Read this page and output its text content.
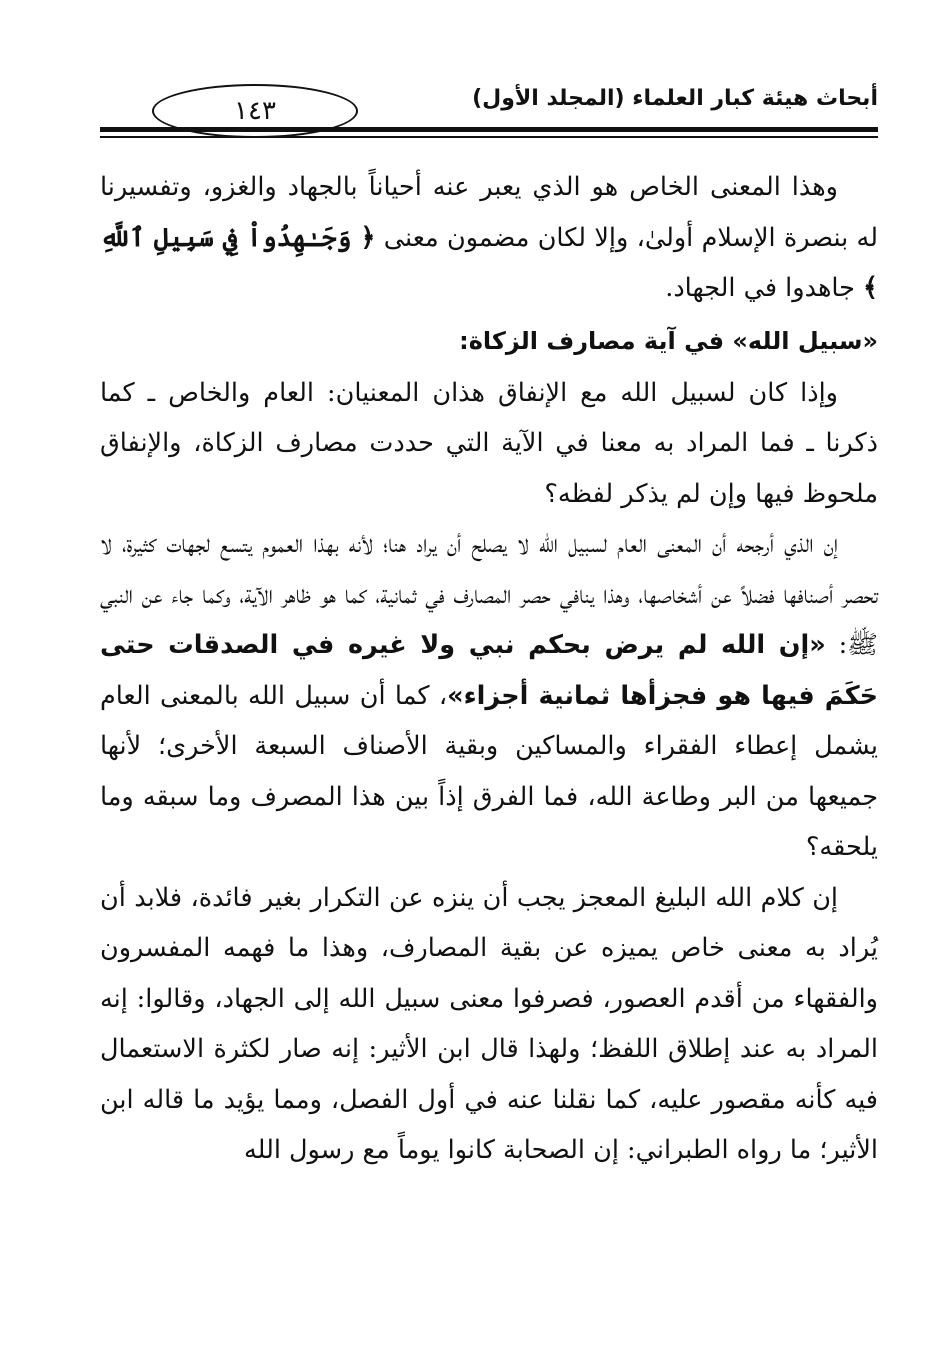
أبحاث هيئة كبار العلماء (المجلد الأول)
١٤٣

وهذا المعنى الخاص هو الذي يعبر عنه أحياناً بالجهاد والغزو، وتفسيرنا له بنصرة الإسلام أولىٰ، وإلا لكان مضمون معنى ﴿ وَجَـٰهِدُواْ فِي سَبِيلِ ٱللَّهِ ﴾ جاهدوا في الجهاد.

«سبيل الله» في آية مصارف الزكاة:

وإذا كان لسبيل الله مع الإنفاق هذان المعنيان: العام والخاص ـ كما ذكرنا ـ فما المراد به معنا في الآية التي حددت مصارف الزكاة، والإنفاق ملحوظ فيها وإن لم يذكر لفظه؟

إن الذي أرجحه أن المعنى العام لسبيل الله لا يصلح أن يراد هنا؛ لأنه بهذا العموم يتسع لجهات كثيرة، لا تحصر أصنافها فضلاً عن أشخاصها، وهذا ينافي حصر المصارف في ثمانية، كما هو ظاهر الآية، وكما جاء عن النبي ﷺ: «إن الله لم يرض بحكم نبي ولا غيره في الصدقات حتى حَكَمَ فيها هو فجزأها ثمانية أجزاء»، كما أن سبيل الله بالمعنى العام يشمل إعطاء الفقراء والمساكين وبقية الأصناف السبعة الأخرى؛ لأنها جميعها من البر وطاعة الله، فما الفرق إذاً بين هذا المصرف وما سبقه وما يلحقه؟

إن كلام الله البليغ المعجز يجب أن ينزه عن التكرار بغير فائدة، فلابد أن يُراد به معنى خاص يميزه عن بقية المصارف، وهذا ما فهمه المفسرون والفقهاء من أقدم العصور، فصرفوا معنى سبيل الله إلى الجهاد، وقالوا: إنه المراد به عند إطلاق اللفظ؛ ولهذا قال ابن الأثير: إنه صار لكثرة الاستعمال فيه كأنه مقصور عليه، كما نقلنا عنه في أول الفصل، ومما يؤيد ما قاله ابن الأثير؛ ما رواه الطبراني: إن الصحابة كانوا يوماً مع رسول الله
